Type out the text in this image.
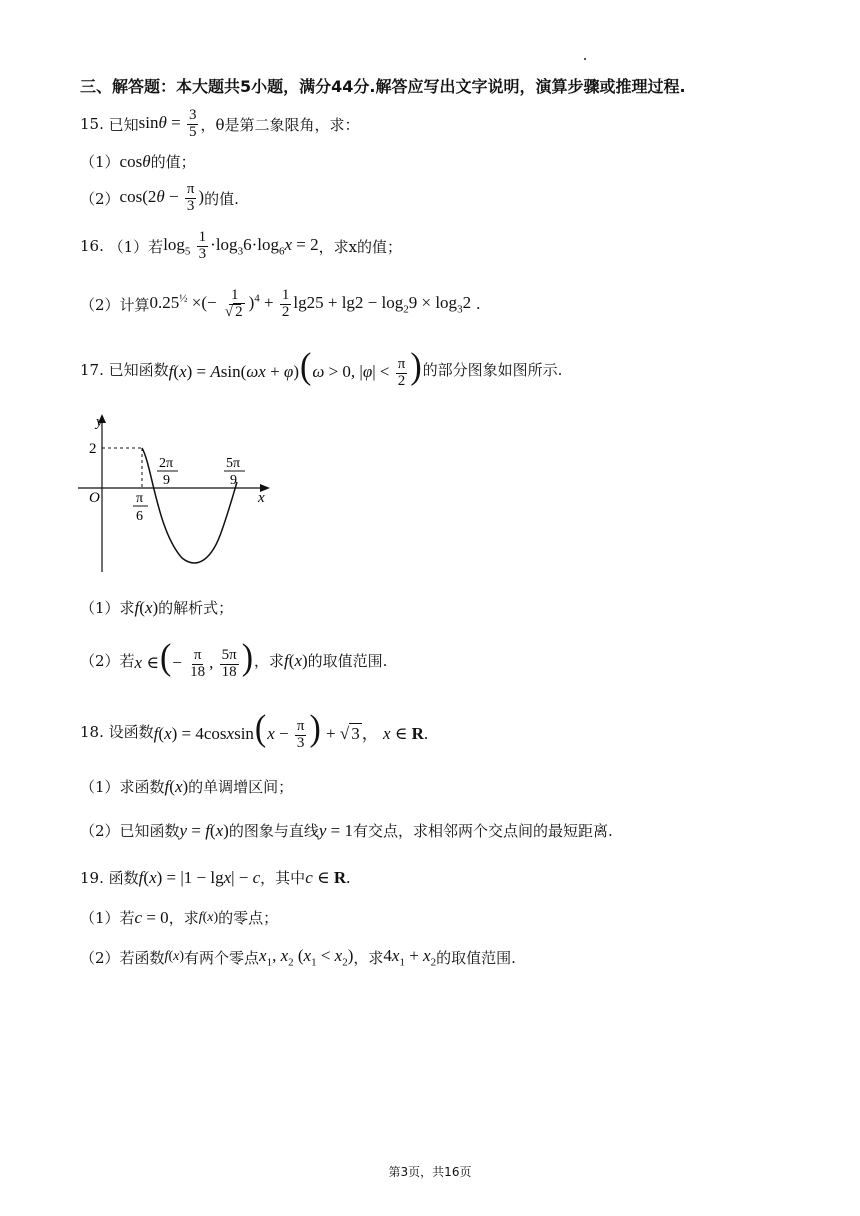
三、解答题：本大题共5小题，满分44分.解答应写出文字说明，演算步骤或推理过程.
15.
已知 $\sin\theta = \frac{3}{5}$ ，θ是第二象限角，求：
（1） cosθ 的值；
（2） $\cos(2\theta - \frac{\pi}{3}$ ) 的值.
16.
（1）若 $\log_5 \frac{1}{3} \cdot\log_36\cdot\log_6x = 2$ ，求x的值；
（2）计算 $0.25^{\frac{1}{2}}$ ×(− $\frac{1}{√ 2} )^4 + \frac{1}{2} \lg 25 + \lg 2 - \log_29 \times \log_32$
.
17.
已知函数 f(x) = Asin(ωx + φ)(ω > 0, $|\varphi| < \frac{\pi}{2}$ ) 的部分图象如图所示.
y
2
O	x
π
6
2π
9
5π
9
（1）求 f(x) 的解析式；
（2）若 x ∈(− $\frac{\pi}{18}$ , $\frac{5\pi}{18}$ ) ，求 f(x) 的取值范围.
18.
设函数 f(x) = 4cosxsin(x − $\frac{\pi}{3}$ ) + √ 3 ， x ∈ R.
（1）求函数 f(x) 的单调增区间；
（2）已知函数 y = f(x) 的图象与直线 y = 1 有交点，求相邻两个交点间的最短距离.
19.
函数 f(x) = |1 − lgx| − c ，其中 c ∈ R.
（1）若 c = 0 ，求 f(x) 的零点；
（2）若函数 f(x) 有两个零点 $x_1$, $x_2$ $(x_1 < x_2)$ ，求 $4x_1 + x_2$ 的取值范围.
第3页，共16页
